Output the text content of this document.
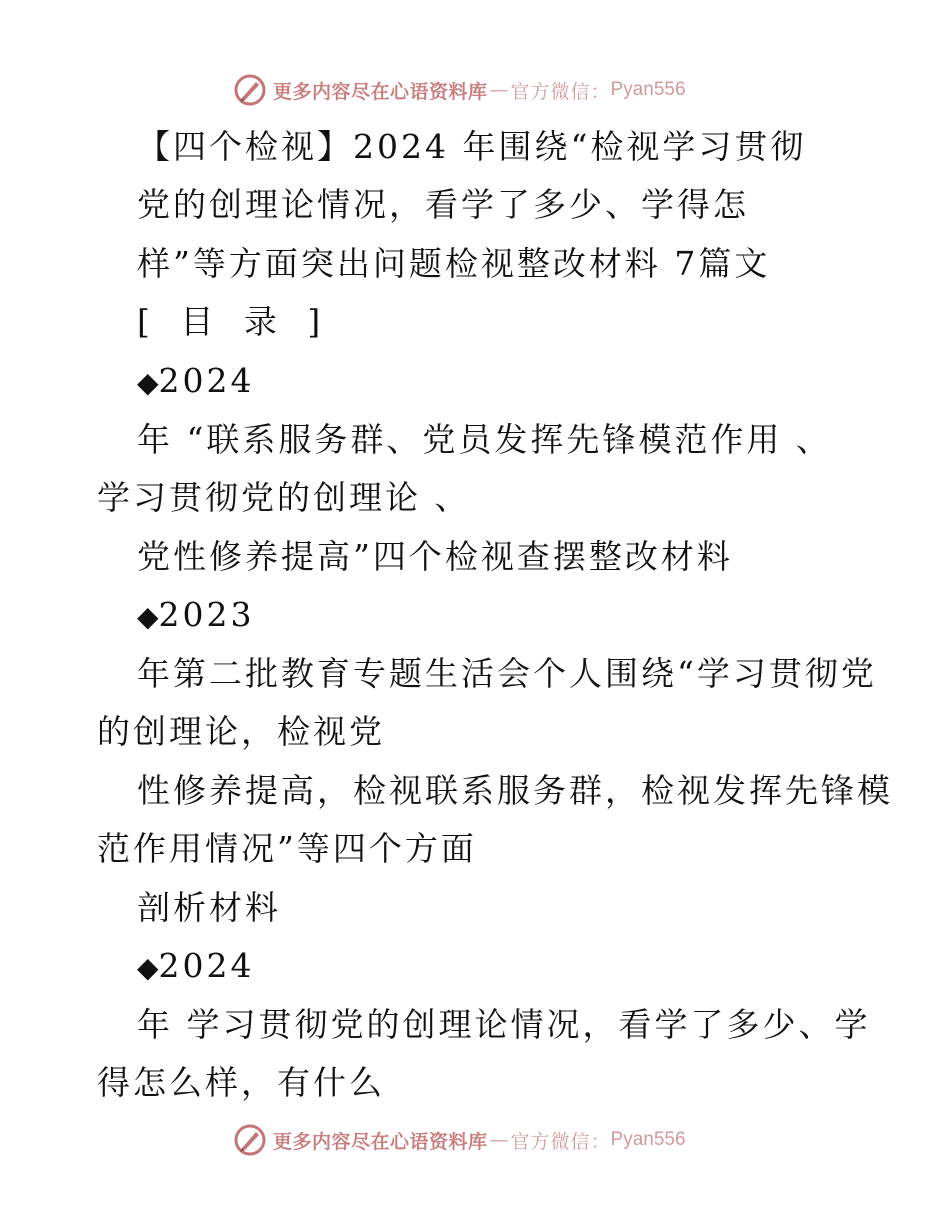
更多内容尽在心语资料库 — 官方微信： Pyan556
【四个检视】2024 年围绕“检视学习贯彻
党的创理论情况，看学了多少、学得怎
样”等方面突出问题检视整改材料 7篇文
[ 目 录 ]
◆2024
年 “联系服务群、党员发挥先锋模范作用 、
学习贯彻党的创理论 、
党性修养提高”四个检视查摆整改材料
◆2023
年第二批教育专题生活会个人围绕“学习贯彻党
的创理论，检视党
性修养提高，检视联系服务群，检视发挥先锋模
范作用情况”等四个方面
剖析材料
◆2024
年 学习贯彻党的创理论情况，看学了多少、学
得怎么样，有什么
更多内容尽在心语资料库 — 官方微信： Pyan556
